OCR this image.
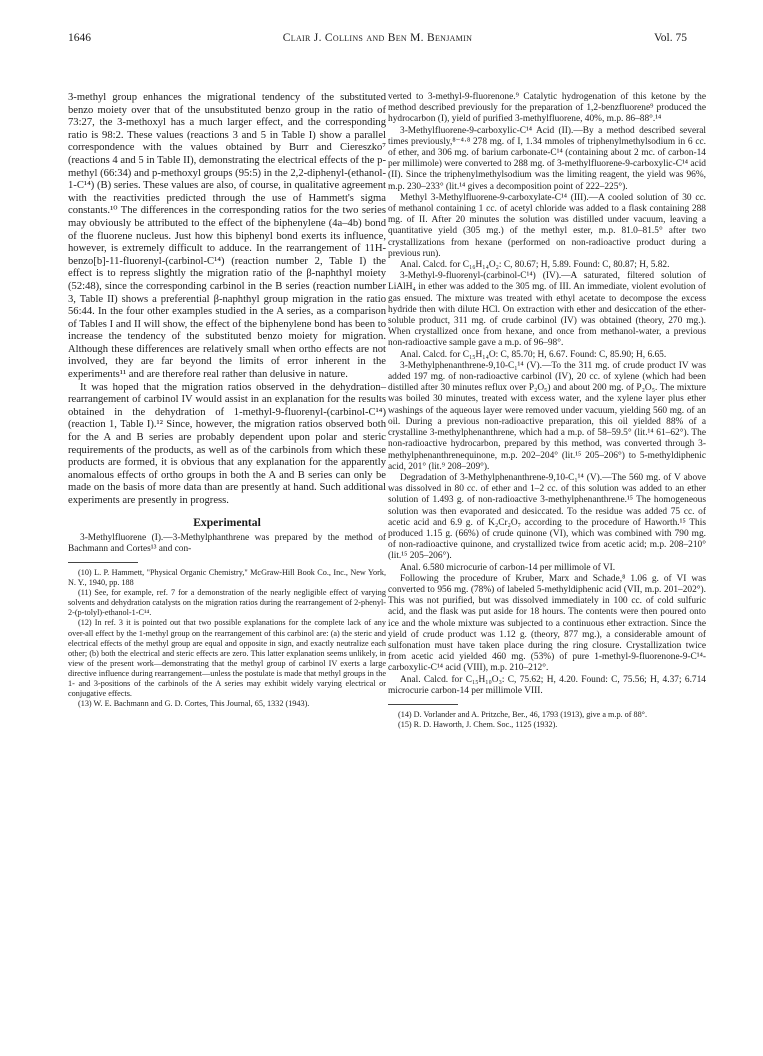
1646	Clair J. Collins and Ben M. Benjamin	Vol. 75

3-methyl group enhances the migrational tendency of the substituted benzo moiety over that of the unsubstituted benzo group in the ratio of 73:27, the 3-methoxyl has a much larger effect, and the corresponding ratio is 98:2. These values (reactions 3 and 5 in Table I) show a parallel correspondence with the values obtained by Burr and Ciereszko⁷ (reactions 4 and 5 in Table II), demonstrating the electrical effects of the p-methyl (66:34) and p-methoxyl groups (95:5) in the 2,2-diphenyl-(ethanol-1-C¹⁴) (B) series. These values are also, of course, in qualitative agreement with the reactivities predicted through the use of Hammett's sigma constants.¹⁰ The differences in the corresponding ratios for the two series may obviously be attributed to the effect of the biphenylene (4a–4b) bond of the fluorene nucleus. Just how this biphenyl bond exerts its influence, however, is extremely difficult to adduce. In the rearrangement of 11H-benzo[b]-11-fluorenyl-(carbinol-C¹⁴) (reaction number 2, Table I) the effect is to repress slightly the migration ratio of the β-naphthyl moiety (52:48), since the corresponding carbinol in the B series (reaction number 3, Table II) shows a preferential β-naphthyl group migration in the ratio 56:44. In the four other examples studied in the A series, as a comparison of Tables I and II will show, the effect of the biphenylene bond has been to increase the tendency of the substituted benzo moiety for migration. Although these differences are relatively small when ortho effects are not involved, they are far beyond the limits of error inherent in the experiments¹¹ and are therefore real rather than delusive in nature.

It was hoped that the migration ratios observed in the dehydration–rearrangement of carbinol IV would assist in an explanation for the results obtained in the dehydration of 1-methyl-9-fluorenyl-(carbinol-C¹⁴) (reaction 1, Table I).¹² Since, however, the migration ratios observed both for the A and B series are probably dependent upon polar and steric requirements of the products, as well as of the carbinols from which these products are formed, it is obvious that any explanation for the apparently anomalous effects of ortho groups in both the A and B series can only be made on the basis of more data than are presently at hand. Such additional experiments are presently in progress.

Experimental

3-Methylfluorene (I).—3-Methylphanthrene was prepared by the method of Bachmann and Cortes¹³ and con-

(10) L. P. Hammett, "Physical Organic Chemistry," McGraw-Hill Book Co., Inc., New York, N. Y., 1940, pp. 188

(11) See, for example, ref. 7 for a demonstration of the nearly negligible effect of varying solvents and dehydration catalysts on the migration ratios during the rearrangement of 2-phenyl-2-(p-tolyl)-ethanol-1-C¹⁴.

(12) In ref. 3 it is pointed out that two possible explanations for the complete lack of any over-all effect by the 1-methyl group on the rearrangement of this carbinol are: (a) the steric and electrical effects of the methyl group are equal and opposite in sign, and exactly neutralize each other; (b) both the electrical and steric effects are zero. This latter explanation seems unlikely, in view of the present work—demonstrating that the methyl group of carbinol IV exerts a large directive influence during rearrangement—unless the postulate is made that methyl groups in the 1- and 3-positions of the carbinols of the A series may exhibit widely varying electrical or conjugative effects.

(13) W. E. Bachmann and G. D. Cortes, This Journal, 65, 1332 (1943).

verted to 3-methyl-9-fluorenone.⁹ Catalytic hydrogenation of this ketone by the method described previously for the preparation of 1,2-benzfluorene⁹ produced the hydrocarbon (I), yield of purified 3-methylfluorene, 40%, m.p. 86–88°.¹⁴

3-Methylfluorene-9-carboxylic-C¹⁴ Acid (II).—By a method described several times previously,⁸⁻⁴·⁸ 278 mg. of I, 1.34 mmoles of triphenylmethylsodium in 6 cc. of ether, and 306 mg. of barium carbonate-C¹⁴ (containing about 2 mc. of carbon-14 per millimole) were converted to 288 mg. of 3-methylfluorene-9-carboxylic-C¹⁴ acid (II). Since the triphenylmethylsodium was the limiting reagent, the yield was 96%, m.p. 230–233° (lit.¹⁴ gives a decomposition point of 222–225°).

Methyl 3-Methylfluorene-9-carboxylate-C¹⁴ (III).—A cooled solution of 30 cc. of methanol containing 1 cc. of acetyl chloride was added to a flask containing 288 mg. of II. After 20 minutes the solution was distilled under vacuum, leaving a quantitative yield (305 mg.) of the methyl ester, m.p. 81.0–81.5° after two crystallizations from hexane (performed on non-radioactive product during a previous run).

Anal. Calcd. for C₁₆H₁₄O₂: C, 80.67; H, 5.89. Found: C, 80.87; H, 5.82.

3-Methyl-9-fluorenyl-(carbinol-C¹⁴) (IV).—A saturated, filtered solution of LiAlH₄ in ether was added to the 305 mg. of III. An immediate, violent evolution of gas ensued. The mixture was treated with ethyl acetate to decompose the excess hydride then with dilute HCl. On extraction with ether and desiccation of the ether-soluble product, 311 mg. of crude carbinol (IV) was obtained (theory, 270 mg.). When crystallized once from hexane, and once from methanol-water, a previous non-radioactive sample gave a m.p. of 96–98°.

Anal. Calcd. for C₁₅H₁₄O: C, 85.70; H, 6.67. Found: C, 85.90; H, 6.65.

3-Methylphenanthrene-9,10-C₁¹⁴ (V).—To the 311 mg. of crude product IV was added 197 mg. of non-radioactive carbinol (IV), 20 cc. of xylene (which had been distilled after 30 minutes reflux over P₂O₅) and about 200 mg. of P₂O₅. The mixture was boiled 30 minutes, treated with excess water, and the xylene layer plus ether washings of the aqueous layer were removed under vacuum, yielding 560 mg. of an oil. During a previous non-radioactive preparation, this oil yielded 88% of a crystalline 3-methylphenanthrene, which had a m.p. of 58–59.5° (lit.¹⁴ 61–62°). The non-radioactive hydrocarbon, prepared by this method, was converted through 3-methylphenanthrenequinone, m.p. 202–204° (lit.¹⁵ 205–206°) to 5-methyldiphenic acid, 201° (lit.⁹ 208–209°).

Degradation of 3-Methylphenanthrene-9,10-C₁¹⁴ (V).—The 560 mg. of V above was dissolved in 80 cc. of ether and 1–2 cc. of this solution was added to an ether solution of 1.493 g. of non-radioactive 3-methylphenanthrene.¹⁵ The homogeneous solution was then evaporated and desiccated. To the residue was added 75 cc. of acetic acid and 6.9 g. of K₂Cr₂O₇ according to the procedure of Haworth.¹⁵ This produced 1.15 g. (66%) of crude quinone (VI), which was combined with 790 mg. of non-radioactive quinone, and crystallized twice from acetic acid; m.p. 208–210° (lit.¹⁵ 205–206°).

Anal. 6.580 microcurie of carbon-14 per millimole of VI.

Following the procedure of Kruber, Marx and Schade,⁸ 1.06 g. of VI was converted to 956 mg. (78%) of labeled 5-methyldiphenic acid (VII, m.p. 201–202°). This was not purified, but was dissolved immediately in 100 cc. of cold sulfuric acid, and the flask was put aside for 18 hours. The contents were then poured onto ice and the whole mixture was subjected to a continuous ether extraction. Since the yield of crude product was 1.12 g. (theory, 877 mg.), a considerable amount of sulfonation must have taken place during the ring closure. Crystallization twice from acetic acid yielded 460 mg. (53%) of pure 1-methyl-9-fluorenone-9-C¹⁴-carboxylic-C¹⁴ acid (VIII), m.p. 210–212°.

Anal. Calcd. for C₁₅H₁₀O₃: C, 75.62; H, 4.20. Found: C, 75.56; H, 4.37; 6.714 microcurie carbon-14 per millimole VIII.

(14) D. Vorlander and A. Pritzche, Ber., 46, 1793 (1913), give a m.p. of 88°.

(15) R. D. Haworth, J. Chem. Soc., 1125 (1932).
